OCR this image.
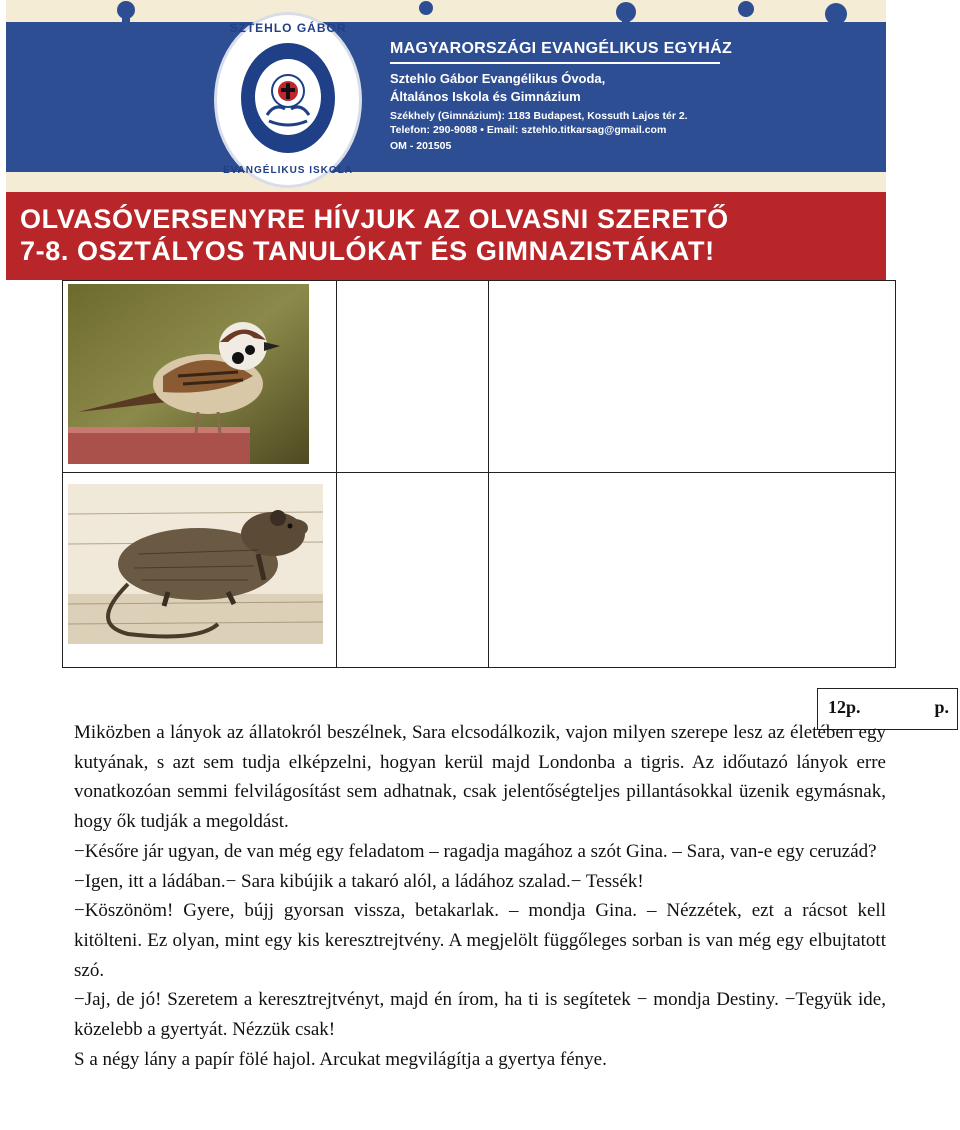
SZTEHLO GÁBOR
EVANGÉLIKUS ISKOLA
MAGYARORSZÁGI EVANGÉLIKUS EGYHÁZ
Sztehlo Gábor Evangélikus Óvoda,
Általános Iskola és Gimnázium
Székhely (Gimnázium): 1183 Budapest, Kossuth Lajos tér 2.
Telefon: 290-9088 • Email: sztehlo.titkarsag@gmail.com
OM - 201505
OLVASÓVERSENYRE HÍVJUK AZ OLVASNI SZERETŐ
7-8. OSZTÁLYOS TANULÓKAT ÉS GIMNAZISTÁKAT!
12p.	p.

Miközben a lányok az állatokról beszélnek, Sara elcsodálkozik, vajon milyen szerepe lesz az életében egy kutyának, s azt sem tudja elképzelni, hogyan kerül majd Londonba a tigris. Az időutazó lányok erre vonatkozóan semmi felvilágosítást sem adhatnak, csak jelentőségteljes pillantásokkal üzenik egymásnak, hogy ők tudják a megoldást.

−Későre jár ugyan, de van még egy feladatom – ragadja magához a szót Gina. – Sara, van-e egy ceruzád?

−Igen, itt a ládában.− Sara kibújik a takaró alól, a ládához szalad.− Tessék!

−Köszönöm! Gyere, bújj gyorsan vissza, betakarlak. – mondja Gina. – Nézzétek, ezt a rácsot kell kitölteni. Ez olyan, mint egy kis keresztrejtvény. A megjelölt függőleges sorban is van még egy elbujtatott szó.

−Jaj, de jó! Szeretem a keresztrejtvényt, majd én írom, ha ti is segítetek − mondja Destiny. −Tegyük ide, közelebb a gyertyát. Nézzük csak!

S a négy lány a papír fölé hajol. Arcukat megvilágítja a gyertya fénye.
